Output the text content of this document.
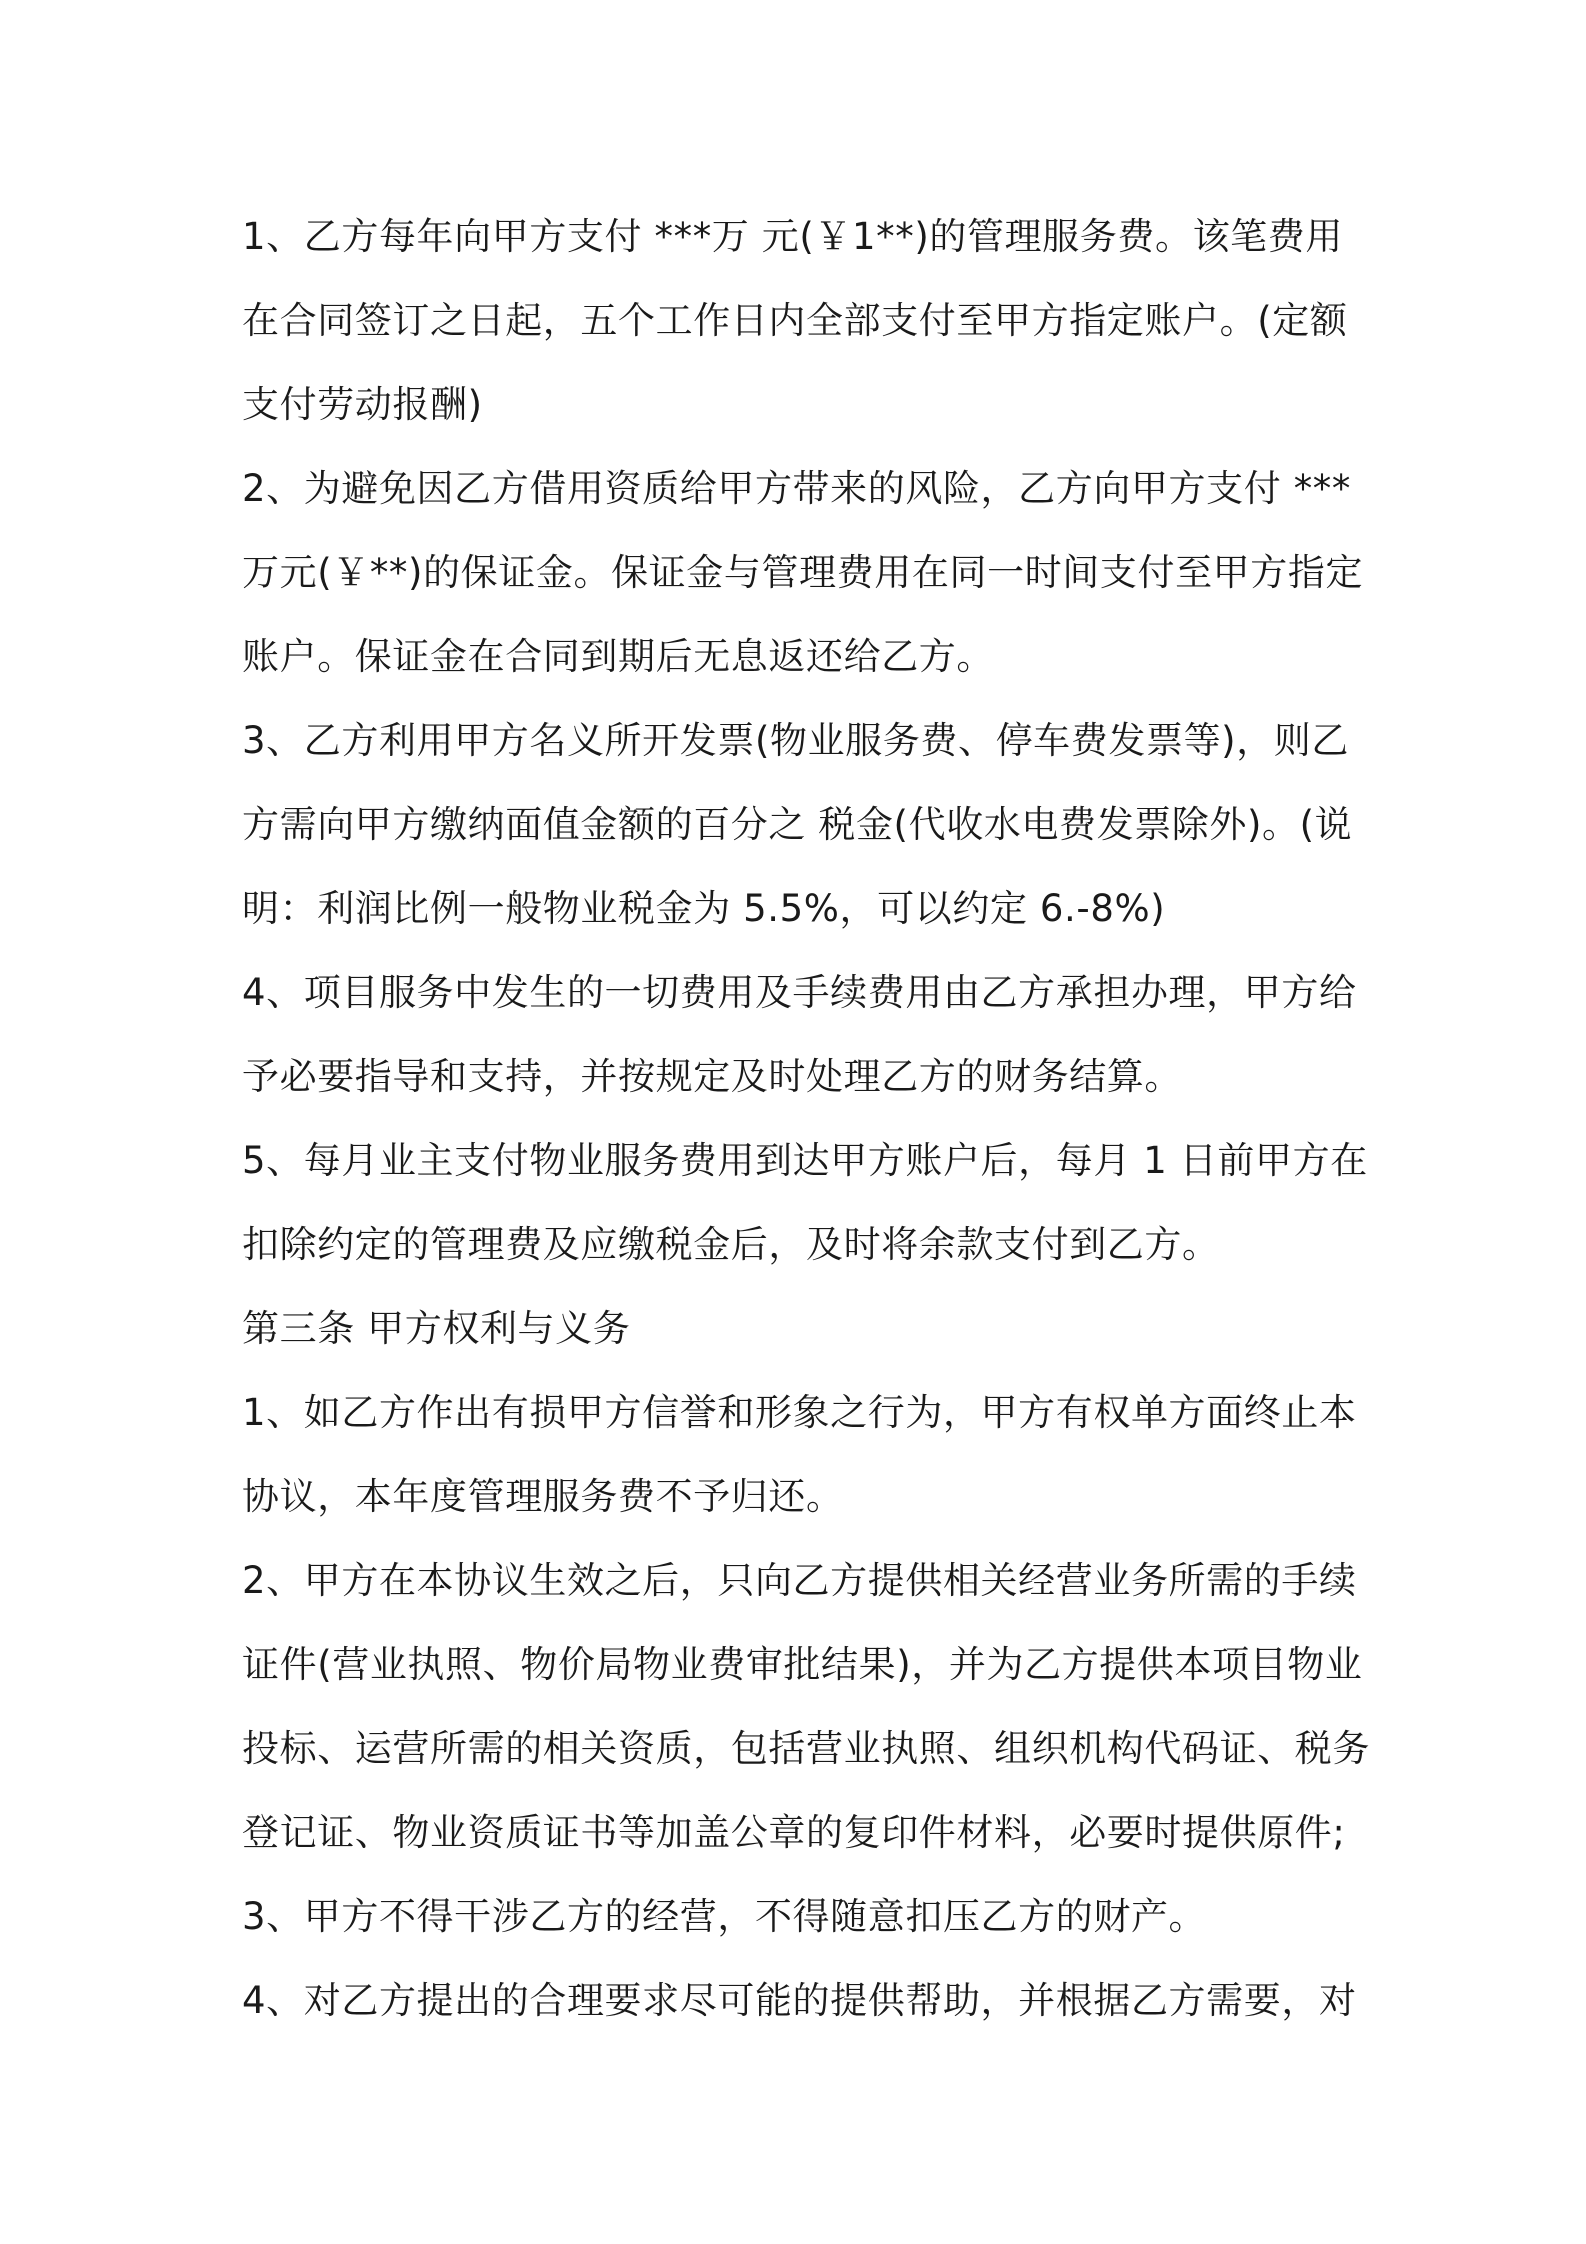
1、乙方每年向甲方支付 ***万 元(￥1**)的管理服务费。该笔费用
在合同签订之日起，五个工作日内全部支付至甲方指定账户。(定额
支付劳动报酬)
2、为避免因乙方借用资质给甲方带来的风险，乙方向甲方支付 ***
万元(￥**)的保证金。保证金与管理费用在同一时间支付至甲方指定
账户。保证金在合同到期后无息返还给乙方。
3、乙方利用甲方名义所开发票(物业服务费、停车费发票等)，则乙
方需向甲方缴纳面值金额的百分之 税金(代收水电费发票除外)。(说
明：利润比例一般物业税金为 5.5%，可以约定 6.-8%)
4、项目服务中发生的一切费用及手续费用由乙方承担办理，甲方给
予必要指导和支持，并按规定及时处理乙方的财务结算。
5、每月业主支付物业服务费用到达甲方账户后，每月 1 日前甲方在
扣除约定的管理费及应缴税金后，及时将余款支付到乙方。
第三条 甲方权利与义务
1、如乙方作出有损甲方信誉和形象之行为，甲方有权单方面终止本
协议，本年度管理服务费不予归还。
2、甲方在本协议生效之后，只向乙方提供相关经营业务所需的手续
证件(营业执照、物价局物业费审批结果)，并为乙方提供本项目物业
投标、运营所需的相关资质，包括营业执照、组织机构代码证、税务
登记证、物业资质证书等加盖公章的复印件材料，必要时提供原件;
3、甲方不得干涉乙方的经营，不得随意扣压乙方的财产。
4、对乙方提出的合理要求尽可能的提供帮助，并根据乙方需要，对
